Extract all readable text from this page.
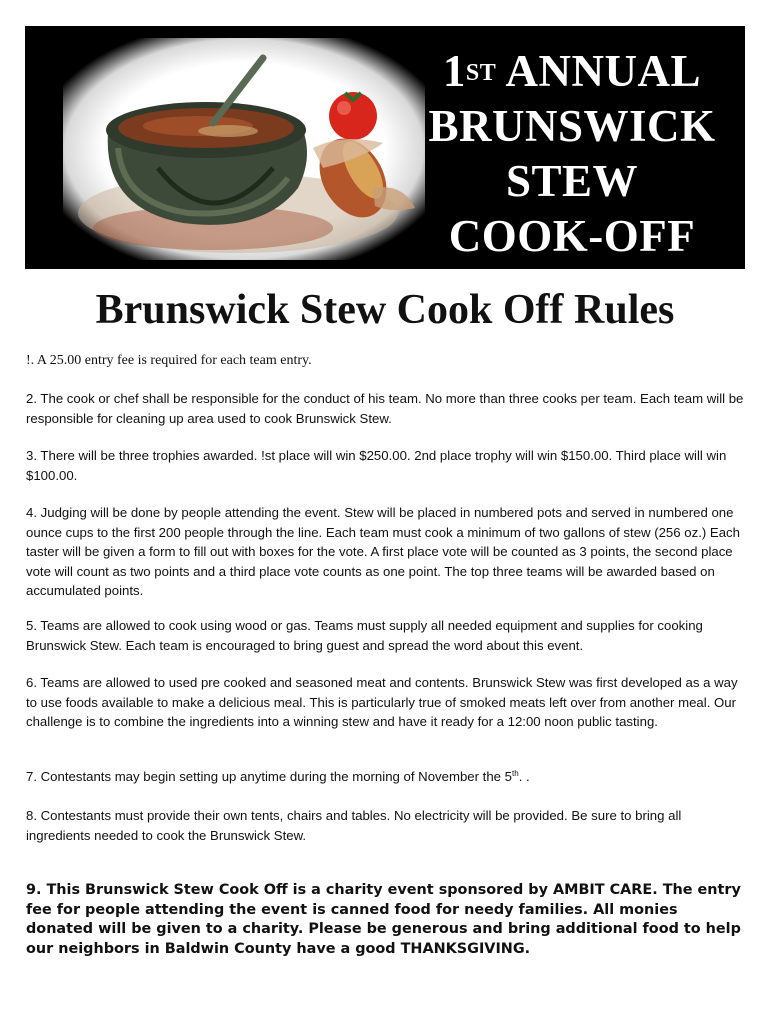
1ST ANNUAL
BRUNSWICK
STEW
COOK-OFF
Brunswick Stew Cook Off Rules

!. A 25.00 entry fee is required for each team entry.

2. The cook or chef shall be responsible for the conduct of his team. No more than three cooks per team. Each team will be responsible for cleaning up area used to cook Brunswick Stew.

3. There will be three trophies awarded. !st place will win $250.00. 2nd place trophy will win $150.00. Third place will win $100.00.

4. Judging will be done by people attending the event. Stew will be placed in numbered pots and served in numbered one ounce cups to the first 200 people through the line. Each team must cook a minimum of two gallons of stew (256 oz.) Each taster will be given a form to fill out with boxes for the vote. A first place vote will be counted as 3 points, the second place vote will count as two points and a third place vote counts as one point. The top three teams will be awarded based on accumulated points.

5. Teams are allowed to cook using wood or gas. Teams must supply all needed equipment and supplies for cooking Brunswick Stew. Each team is encouraged to bring guest and spread the word about this event.

6. Teams are allowed to used pre cooked and seasoned meat and contents. Brunswick Stew was first developed as a way to use foods available to make a delicious meal. This is particularly true of smoked meats left over from another meal. Our challenge is to combine the ingredients into a winning stew and have it ready for a 12:00 noon public tasting.

7. Contestants may begin setting up anytime during the morning of November the 5th. .

8. Contestants must provide their own tents, chairs and tables. No electricity will be provided. Be sure to bring all ingredients needed to cook the Brunswick Stew.

9. This Brunswick Stew Cook Off is a charity event sponsored by AMBIT CARE. The entry fee for people attending the event is canned food for needy families. All monies donated will be given to a charity. Please be generous and bring additional food to help our neighbors in Baldwin County have a good THANKSGIVING.
